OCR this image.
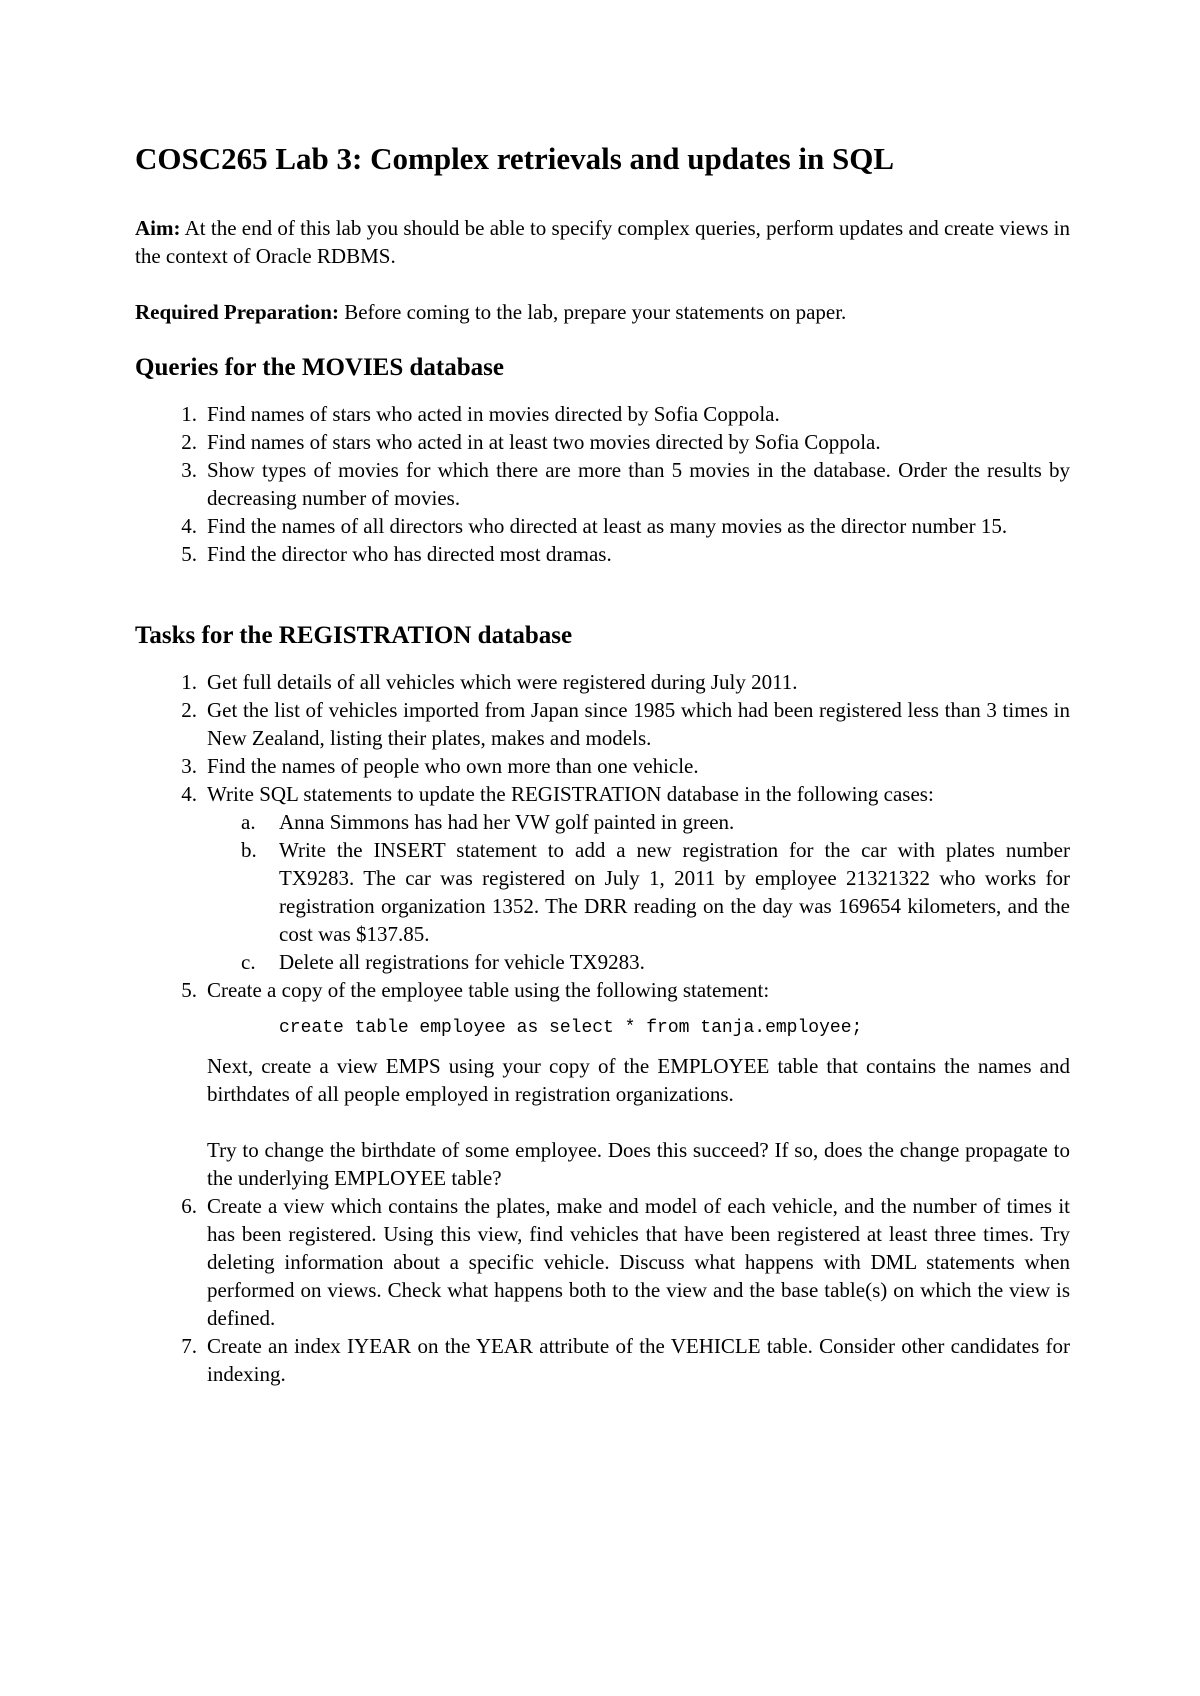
COSC265 Lab 3: Complex retrievals and updates in SQL

Aim: At the end of this lab you should be able to specify complex queries, perform updates and create views in the context of Oracle RDBMS.

Required Preparation: Before coming to the lab, prepare your statements on paper.

Queries for the MOVIES database
1. Find names of stars who acted in movies directed by Sofia Coppola.
2. Find names of stars who acted in at least two movies directed by Sofia Coppola.
3. Show types of movies for which there are more than 5 movies in the database. Order the results by decreasing number of movies.
4. Find the names of all directors who directed at least as many movies as the director number 15.
5. Find the director who has directed most dramas.
Tasks for the REGISTRATION database
1. Get full details of all vehicles which were registered during July 2011.
2. Get the list of vehicles imported from Japan since 1985 which had been registered less than 3 times in New Zealand, listing their plates, makes and models.
3. Find the names of people who own more than one vehicle.
4. Write SQL statements to update the REGISTRATION database in the following cases:
a.	Anna Simmons has had her VW golf painted in green.
b. Write the INSERT statement to add a new registration for the car with plates number TX9283. The car was registered on July 1, 2011 by employee 21321322 who works for registration organization 1352. The DRR reading on the day was 169654 kilometers, and the cost was $137.85.
c.	Delete all registrations for vehicle TX9283.
5. Create a copy of the employee table using the following statement:
create table employee as select * from tanja.employee;

Next, create a view EMPS using your copy of the EMPLOYEE table that contains the names and birthdates of all people employed in registration organizations.

Try to change the birthdate of some employee. Does this succeed? If so, does the change propagate to the underlying EMPLOYEE table?

6. Create a view which contains the plates, make and model of each vehicle, and the number of times it has been registered. Using this view, find vehicles that have been registered at least three times. Try deleting information about a specific vehicle. Discuss what happens with DML statements when performed on views. Check what happens both to the view and the base table(s) on which the view is defined.
7. Create an index IYEAR on the YEAR attribute of the VEHICLE table. Consider other candidates for indexing.
